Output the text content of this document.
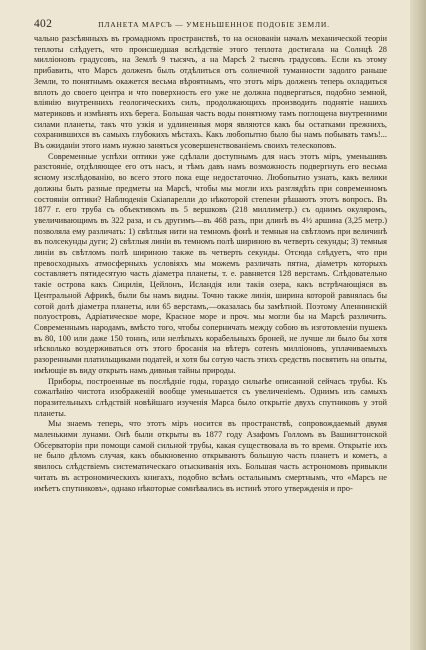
402	ПЛАНЕТА МАРСЪ — УМЕНЬШЕННОЕ ПОДОБІЕ ЗЕМЛИ.

чально разсѣянныхъ въ громадномъ пространствѣ, то на основаніи началъ механической теоріи теплоты слѣдуетъ, что происшедшая вслѣдствіе этого теплота достигала на Солнцѣ 28 милліоновъ градусовъ, на Землѣ 9 тысячъ, а на Марсѣ 2 тысячъ градусовъ. Если къ этому прибавить, что Марсъ долженъ былъ отдѣлиться отъ солнечной туманности задолго раньше Земли, то понятнымъ окажется весьма вѣроятнымъ, что этотъ міръ долженъ теперь охладиться вплоть до своего центра и что поверхность его уже не должна подвергаться, подобно земной, вліянію внутреннихъ геологическихъ силъ, продолжающихъ производить поднятіе нашихъ материковъ и измѣнять ихъ берега. Большая часть воды понятному тамъ поглощена внутренними силами планеты, такъ что узкія и удлиненныя моря являются какъ бы остатками прежнихъ, сохранившихся въ самыхъ глубокихъ мѣстахъ. Какъ любопытно было бы намъ побывать тамъ!... Въ ожиданіи этого намъ нужно заняться усовершенствованіемъ своихъ телескоповъ.

Современные успѣхи оптики уже сдѣлали доступнымъ для насъ этотъ міръ, уменьшивъ разстояніе, отдѣляющее его отъ насъ, и тѣмъ давъ намъ возможность подвергнуть его весьма ясному изслѣдованію, во всего этого пока еще недостаточно. Любопытно узнать, какъ велики должны быть разные предметы на Марсѣ, чтобы мы могли ихъ разглядѣть при современномъ состояніи оптики? Наблюденія Скіапарелли до нѣкоторой степени рѣшаютъ этотъ вопросъ. Въ 1877 г. его труба съ объективомъ въ 5 вершковъ (218 миллиметр.) съ однимъ окуляромъ, увеличивающимъ въ 322 раза, и съ другимъ—въ 468 разъ, при длинѣ въ 4½ аршина (3,25 метр.) позволяла ему различать: 1) свѣтлыя нити на темномъ фонѣ и темныя на свѣтломъ при величинѣ въ полсекунды дуги; 2) свѣтлыя линіи въ темномъ полѣ шириною въ четверть секунды; 3) темныя линіи въ свѣтломъ полѣ шириною также въ четверть секунды. Отсюда слѣдуетъ, что при превосходныхъ атмосферныхъ условіяхъ мы можемъ различать пятна, діаметръ которыхъ составляетъ пятидесятую часть діаметра планеты, т. е. равняется 128 верстамъ. Слѣдовательно такіе острова какъ Сицилія, Цейлонъ, Исландія или такія озера, какъ встрѣчающіяся въ Центральной Африкѣ, были бы намъ видны. Точно также линія, ширина которой равнялась бы сотой долѣ діаметра планеты, или 65 верстамъ,—оказалась бы замѣтной. Поэтому Апеннинскій полуостровъ, Адріатическое море, Красное море и проч. мы могли бы на Марсѣ различить. Современнымъ народамъ, вмѣсто того, чтобы соперничать между собою въ изготовленіи пушекъ въ 80, 100 или даже 150 тоннъ, или нелѣпыхъ корабельныхъ броней, не лучше ли было бы хотя нѣсколько воздерживаться отъ этого бросанія на вѣтеръ сотенъ милліоновъ, уплачиваемыхъ разоренными платильщиками податей, и хотя бы сотую часть этихъ средствъ посвятить на опыты, имѣющіе въ виду открыть намъ дивныя тайны природы.

Приборы, построенные въ послѣдніе годы, гораздо сильнѣе описанной сейчасъ трубы. Къ сожалѣнію чистота изображеній вообще уменьшается съ увеличеніемъ. Однимъ изъ самыхъ поразительныхъ слѣдствій новѣйшаго изученія Марса было открытіе двухъ спутниковъ у этой планеты.

Мы знаемъ теперь, что этотъ міръ носится въ пространствѣ, сопровождаемый двумя маленькими лунами. Онѣ были открыты въ 1877 году Азафомъ Голломъ въ Вашингтонской Обсерваторіи при помощи самой сильной трубы, какая существовала въ то время. Открытіе ихъ не было дѣломъ случая, какъ обыкновенно открываютъ большую часть планетъ и кометъ, а явилось слѣдствіемъ систематическаго отыскиванія ихъ. Большая часть астрономовъ привыкли читать въ астрономическихъ книгахъ, подобно всѣмъ остальнымъ смертнымъ, что «Марсъ не имѣетъ спутниковъ», однако нѣкоторые сомнѣвались въ истинѣ этого утвержденія и про-
